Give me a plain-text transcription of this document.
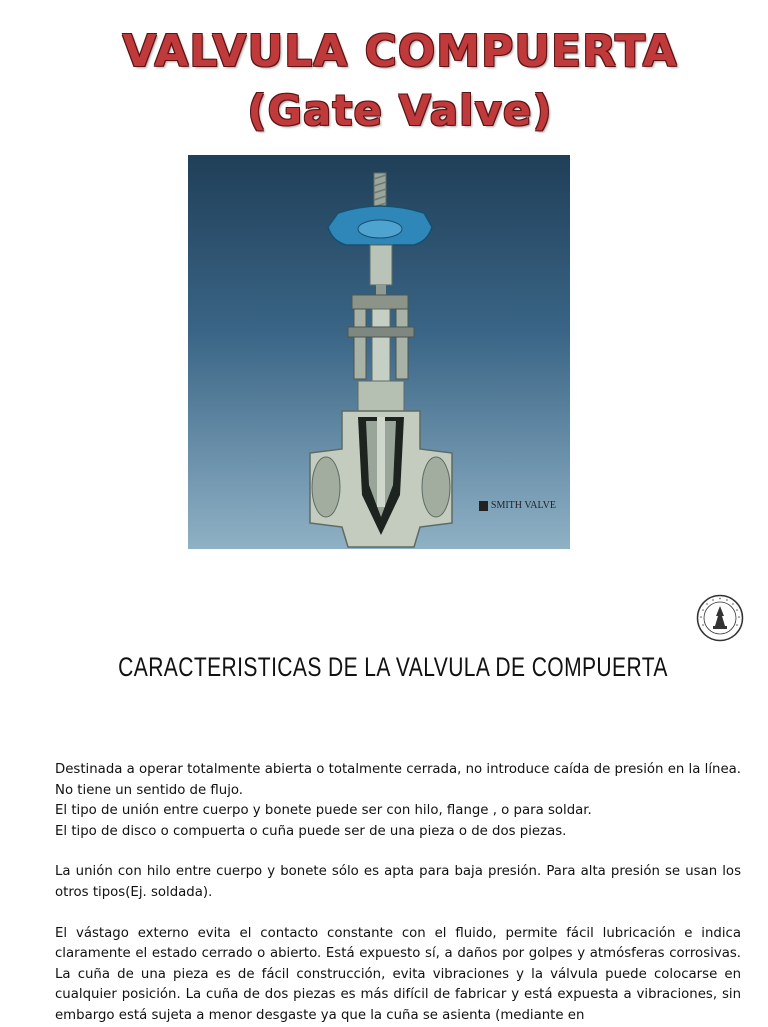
VALVULA COMPUERTA
(Gate Valve)
SMITH VALVE
CARACTERISTICAS DE LA VALVULA DE COMPUERTA

Destinada a operar totalmente abierta o totalmente cerrada, no introduce caída de presión en la línea. No tiene un sentido de flujo.

El tipo de unión entre cuerpo y bonete puede ser con hilo, flange , o para soldar.

El tipo de disco o compuerta o cuña puede ser de una pieza o de dos piezas.

La unión con hilo entre cuerpo y bonete sólo es apta para baja presión. Para alta presión se usan los otros tipos(Ej. soldada).

El vástago externo evita el contacto constante con el fluido, permite fácil lubricación e indica claramente el estado cerrado o abierto. Está expuesto sí, a daños por golpes y atmósferas corrosivas. La cuña de una pieza es de fácil construcción, evita vibraciones y la válvula puede colocarse en cualquier posición. La cuña de dos piezas es más difícil de fabricar y está expuesta a vibraciones, sin embargo está sujeta a menor desgaste ya que la cuña se asienta (mediante en
